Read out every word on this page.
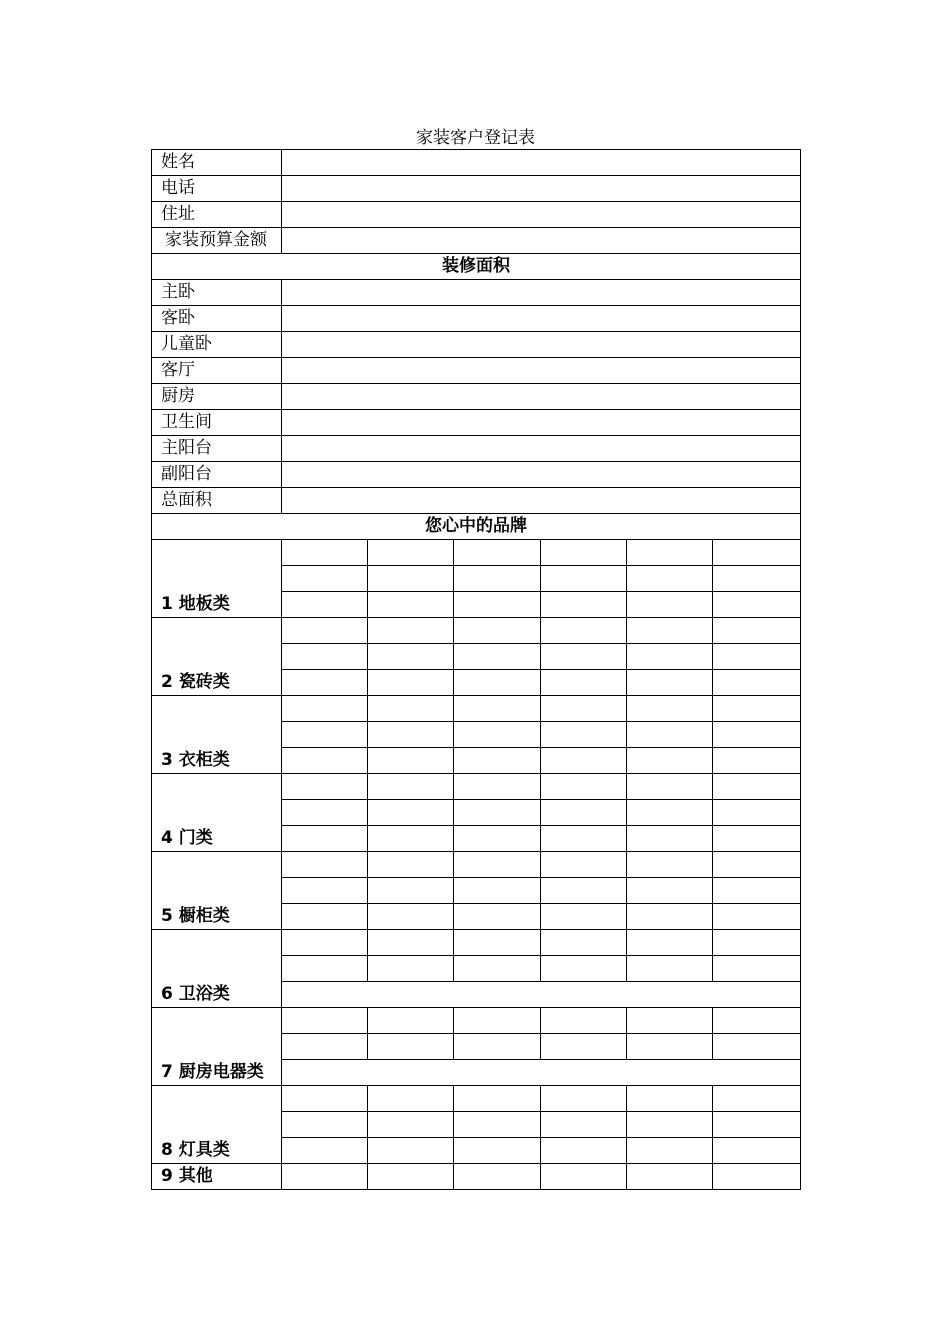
家装客户登记表
姓名						
电话						
住址						
家装预算金额						
装修面积						
主卧						
客卧						
儿童卧						
客厅						
厨房						
卫生间						
主阳台						
副阳台						
总面积						
您心中的品牌						
1 地板类						

2 瓷砖类						

3 衣柜类						

4 门类						

5 橱柜类						

6 卫浴类						

7 厨房电器类						

8 灯具类						

9 其他						
